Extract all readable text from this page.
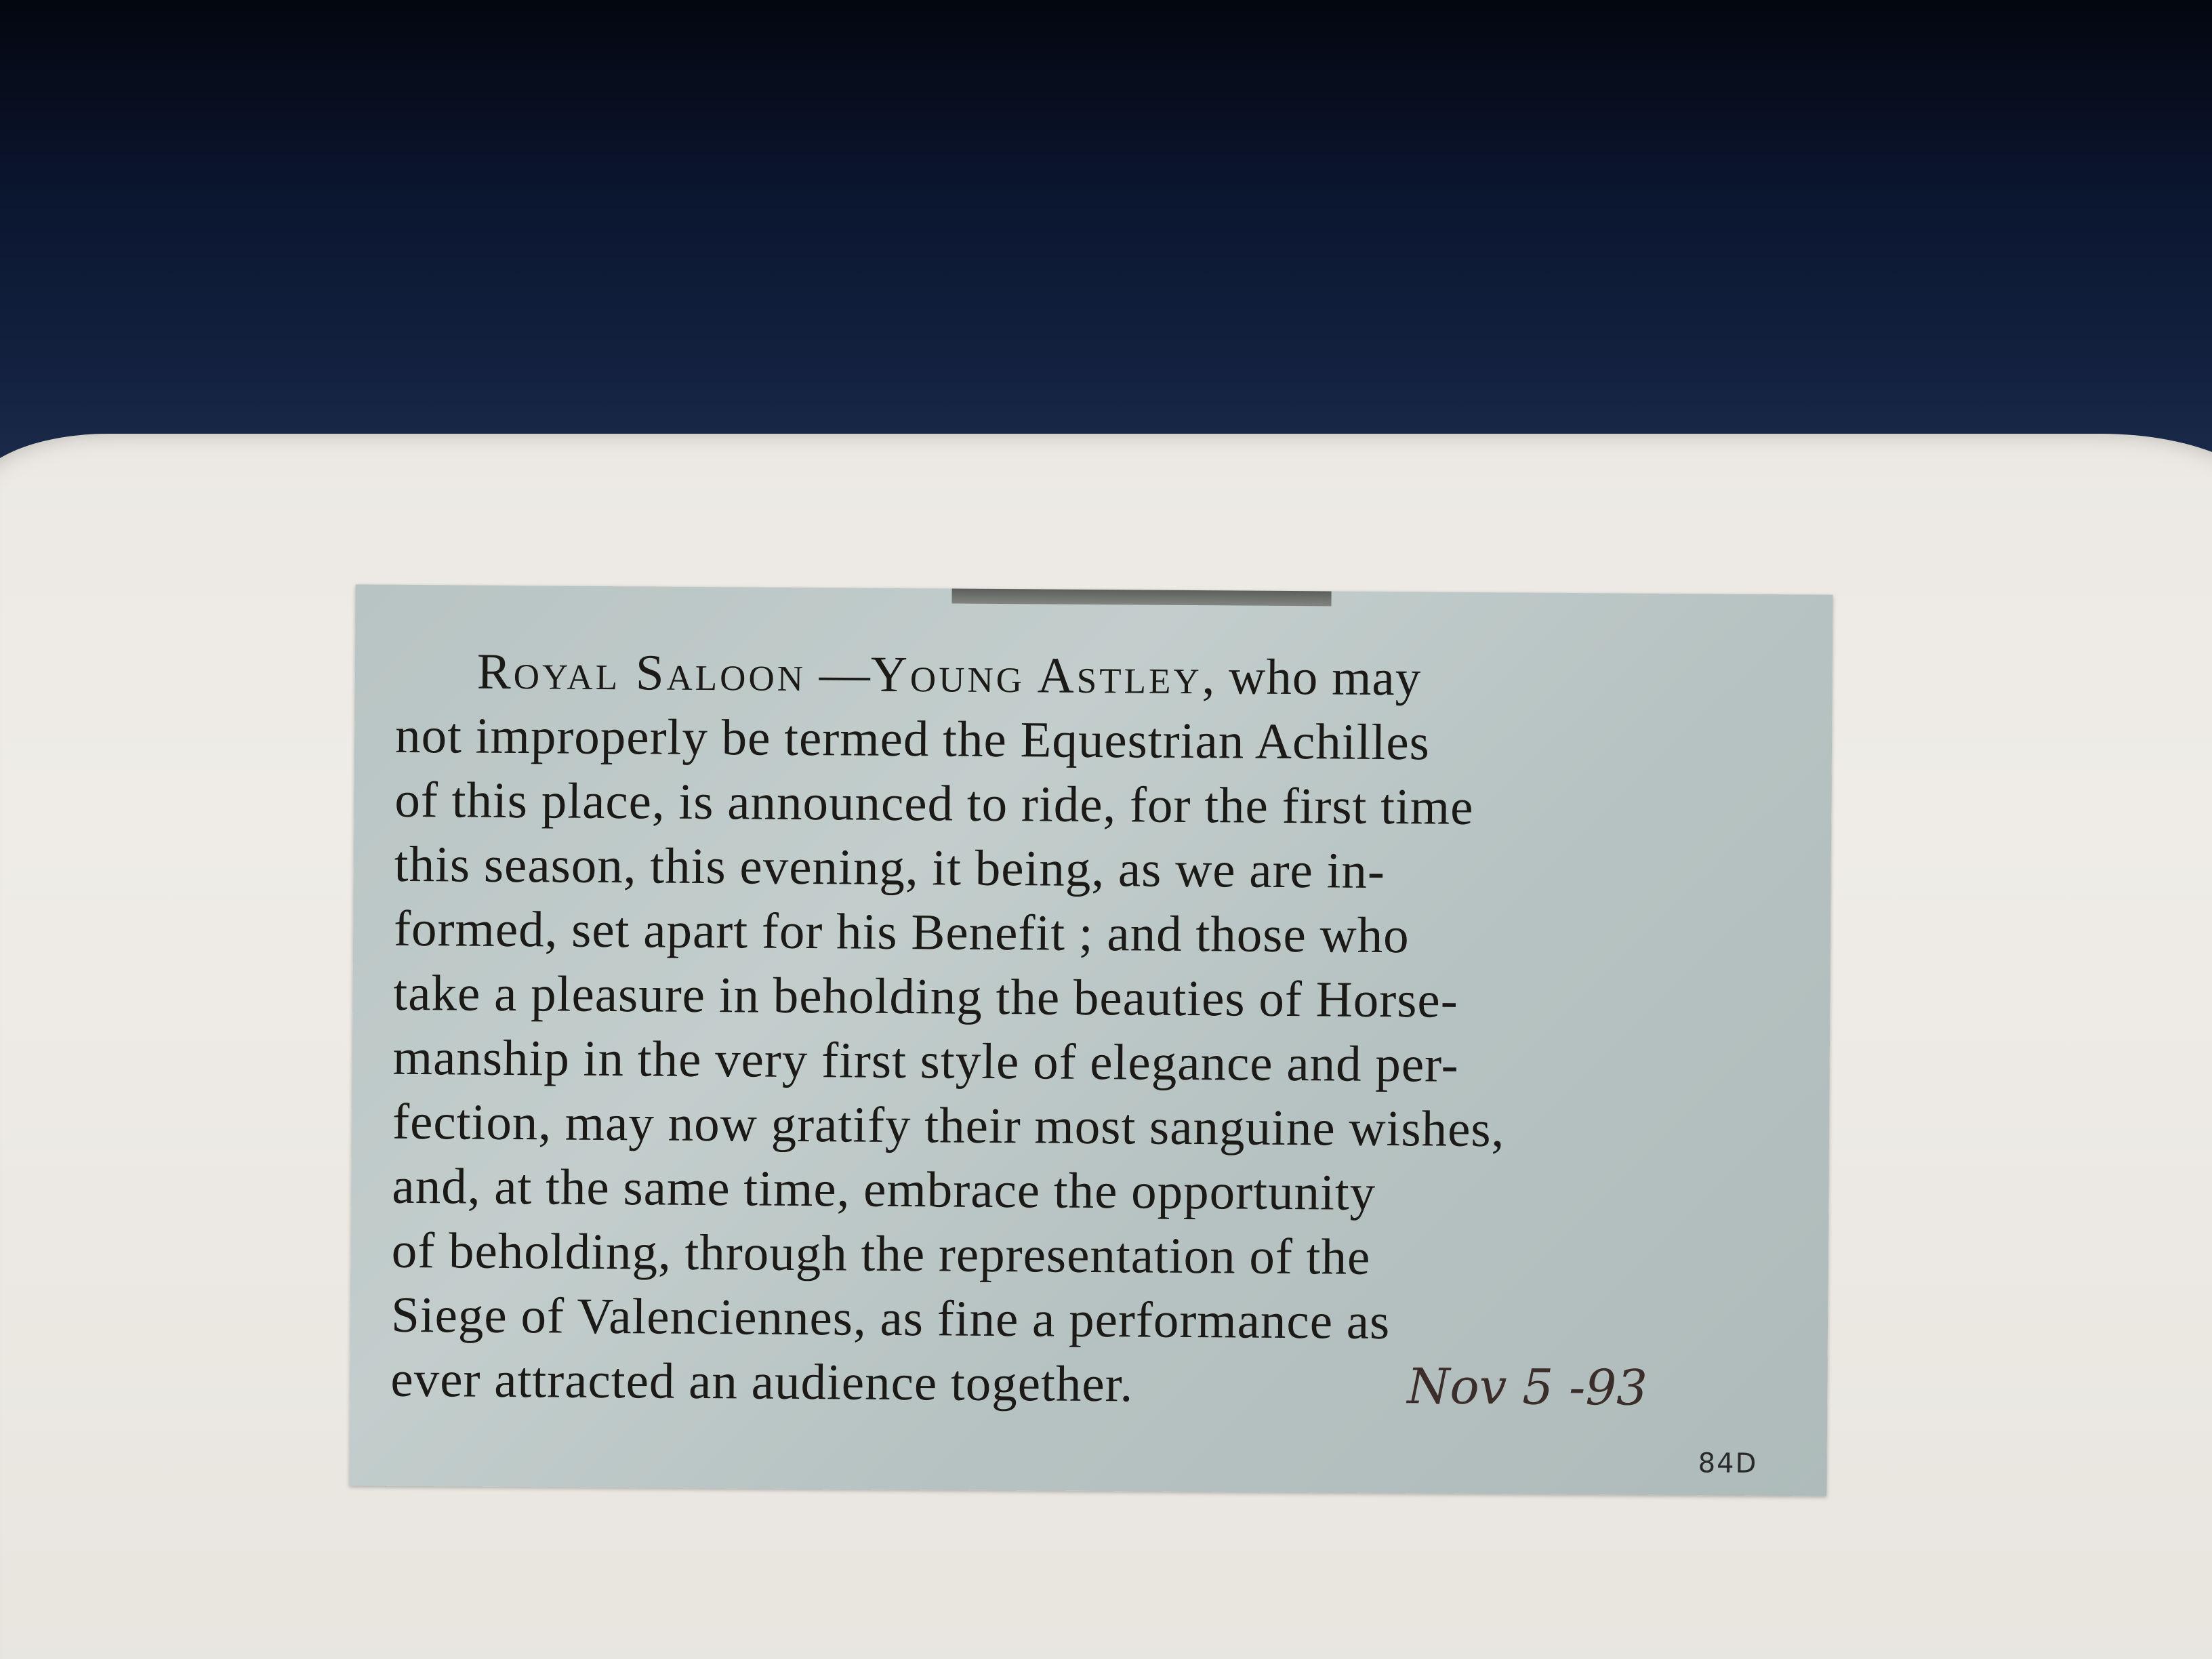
Royal Saloon —Young Astley, who may
not improperly be termed the Equestrian Achilles
of this place, is announced to ride, for the first time
this season, this evening, it being, as we are in-
formed, set apart for his Benefit ; and those who
take a pleasure in beholding the beauties of Horse-
manship in the very first style of elegance and per-
fection, may now gratify their most sanguine wishes,
and, at the same time, embrace the opportunity
of beholding, through the representation of the
Siege of Valenciennes, as fine a performance as
ever attracted an audience together.	Nov 5 -93
84D
